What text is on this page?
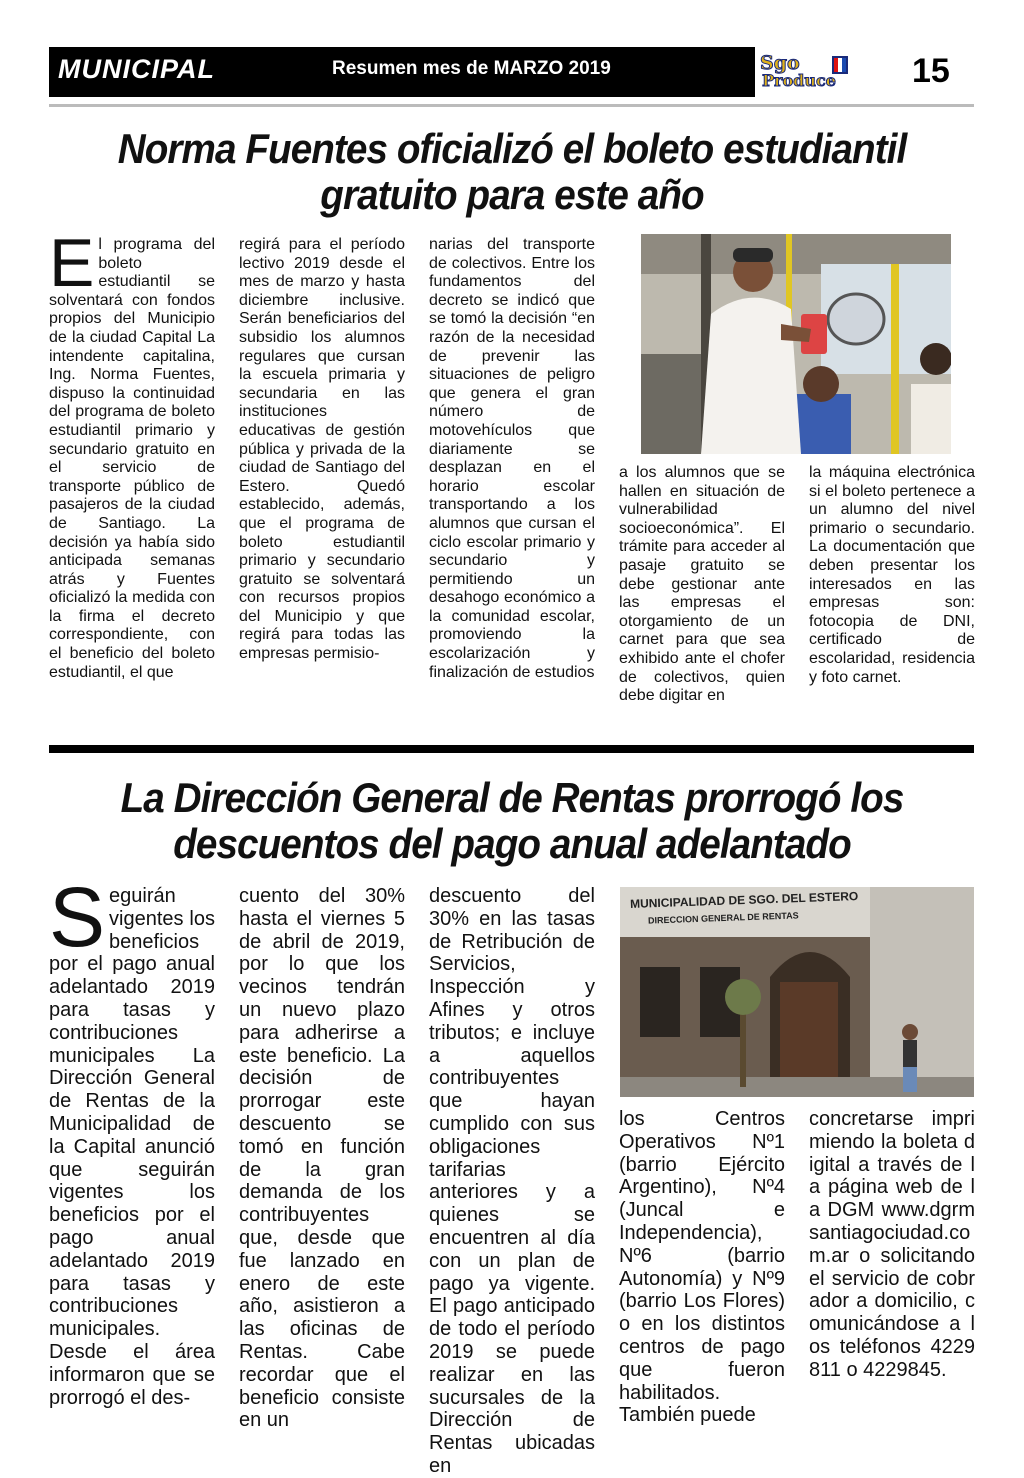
MUNICIPAL	Resumen mes de MARZO 2019	Sgo
Produce 15
Norma Fuentes oficializó el boleto estudiantil gratuito para este año
El programa del boleto estudiantil se solventará con fondos propios del Municipio de la ciudad Capital La intendente capitalina, Ing. Norma Fuentes, dispuso la continuidad del programa de boleto estudiantil primario y secundario gratuito en el servicio de transporte público de pasajeros de la ciudad de Santiago. La decisión ya había sido anticipada semanas atrás y Fuentes oficializó la medida con la firma el decreto correspondiente, con el beneficio del boleto estudiantil, el que
regirá para el período lectivo 2019 desde el mes de marzo y hasta diciembre inclusive. Serán beneficiarios del subsidio los alumnos regulares que cursan la escuela primaria y secundaria en las instituciones educativas de gestión pública y privada de la ciudad de Santiago del Estero. Quedó establecido, además, que el programa de boleto estudiantil primario y secundario gratuito se solventará con recursos propios del Municipio y que regirá para todas las empresas permisio-
narias del transporte de colectivos. Entre los fundamentos del decreto se indicó que se tomó la decisión “en razón de la necesidad de prevenir las situaciones de peligro que genera el gran número de motovehículos que diariamente se desplazan en el horario escolar transportando a los alumnos que cursan el ciclo escolar primario y secundario y permitiendo un desahogo económico a la comunidad escolar, promoviendo la escolarización y finalización de estudios
a los alumnos que se hallen en situación de vulnerabilidad socioeconómica”. El trámite para acceder al pasaje gratuito se debe gestionar ante las empresas el otorgamiento de un carnet para que sea exhibido ante el chofer de colectivos, quien debe digitar en
la máquina electrónica si el boleto pertenece a un alumno del nivel primario o secundario. La documentación que deben presentar los interesados en las empresas son: fotocopia de DNI, certificado de escolaridad, residencia y foto carnet.
La Dirección General de Rentas prorrogó los descuentos del pago anual adelantado
Seguirán vigentes los beneficios por el pago anual adelantado 2019 para tasas y contribuciones municipales La Dirección General de Rentas de la Municipalidad de la Capital anunció que seguirán vigentes los beneficios por el pago anual adelantado 2019 para tasas y contribuciones municipales. Desde el área informaron que se prorrogó el des-
cuento del 30% hasta el viernes 5 de abril de 2019, por lo que los vecinos tendrán un nuevo plazo para adherirse a este beneficio. La decisión de prorrogar este descuento se tomó en función de la gran demanda de los contribuyentes que, desde que fue lanzado en enero de este año, asistieron a las oficinas de Rentas. Cabe recordar que el beneficio consiste en un
descuento del 30% en las tasas de Retribución de Servicios, Inspección y Afines y otros tributos; e incluye a aquellos contribuyentes que hayan cumplido con sus obligaciones tarifarias anteriores y a quienes se encuentren al día con un plan de pago ya vigente. El pago anticipado de todo el período 2019 se puede realizar en las sucursales de la Dirección de Rentas ubicadas en
los Centros Operativos Nº1 (barrio Ejército Argentino), Nº4 (Juncal e Independencia), Nº6 (barrio Autonomía) y Nº9 (barrio Los Flores) o en los distintos centros de pago que fueron habilitados. También puede
concretarse imprimiendo la boleta digital a través de la página web de la DGM www.dgrmsantiagociudad.com.ar o solicitando el servicio de cobrador a domicilio, comunicándose a los teléfonos 4229811 o 4229845.
MUNICIPALIDAD DE SGO. DEL ESTERO
DIRECCION GENERAL DE RENTAS
